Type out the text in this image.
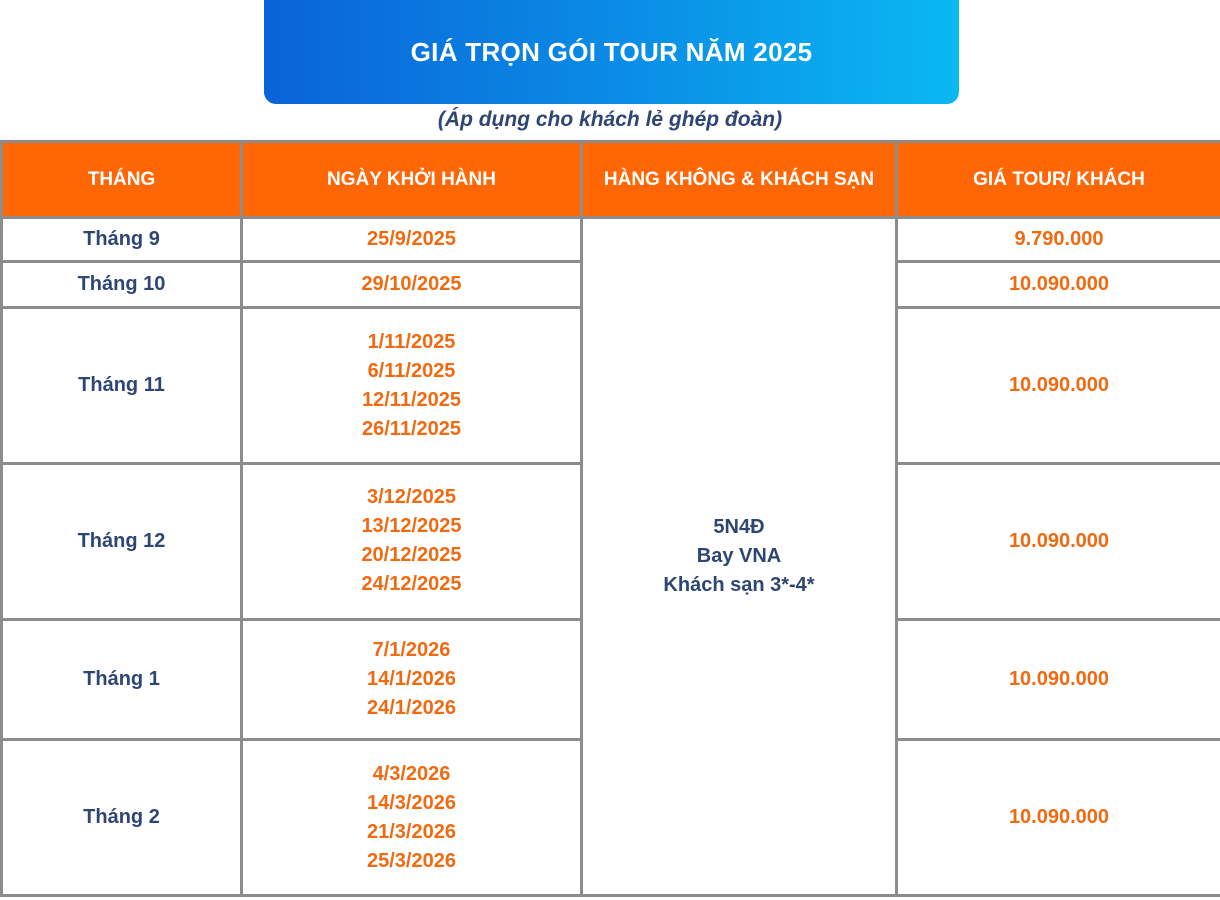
GIÁ TRỌN GÓI TOUR NĂM 2025
(Áp dụng cho khách lẻ ghép đoàn)
THÁNG	NGÀY KHỞI HÀNH	HÀNG KHÔNG & KHÁCH SẠN	GIÁ TOUR/ KHÁCH
Tháng 9	25/9/2025	5N4Đ
Bay VNA
Khách sạn 3*-4*	9.790.000
Tháng 10	29/10/2025		10.090.000
Tháng 11	1/11/2025
6/11/2025
12/11/2025
26/11/2025		10.090.000
Tháng 12	3/12/2025
13/12/2025
20/12/2025
24/12/2025		10.090.000
Tháng 1	7/1/2026
14/1/2026
24/1/2026		10.090.000
Tháng 2	4/3/2026
14/3/2026
21/3/2026
25/3/2026		10.090.000
